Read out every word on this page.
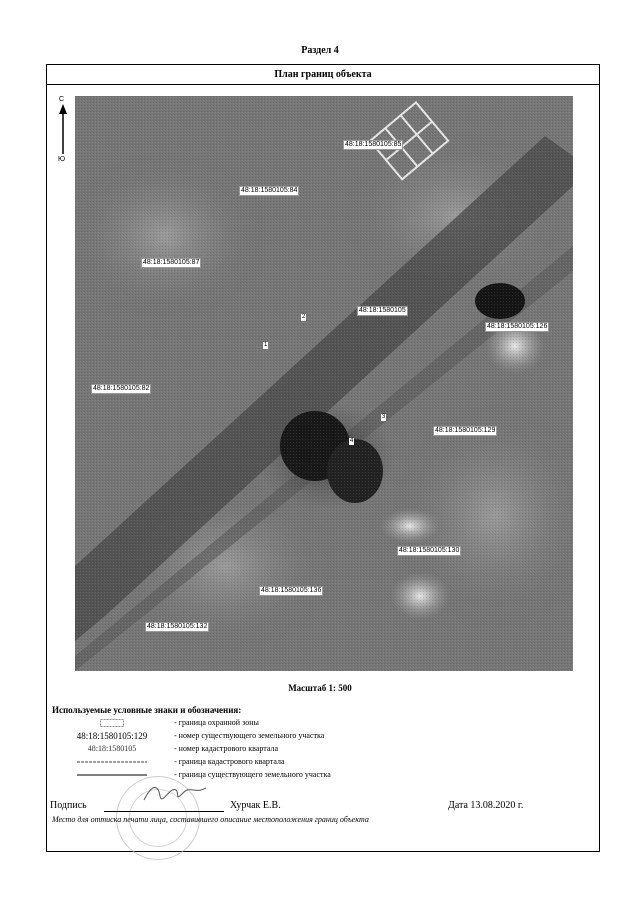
Раздел 4
План границ объекта
С
Ю
48:18:1580105:85
48:18:1580105:84
48:18:1580105:87
48:18:1580105
48:18:1580105:126
48:18:1580105:82
48:18:1580105:129
48:18:1580105:130
48:18:1580105:136
48:18:1580105:132
2
1
3
4
Масштаб 1: 500
Используемые условные знаки и обозначения:
- граница охранной зоны
48:18:1580105:129	- номер существующего земельного участка
48:18:1580105	- номер кадастрового квартала
- граница кадастрового квартала
- граница существующего земельного участка
Подпись	Хурчак Е.В.	Дата 13.08.2020 г.
Место для оттиска печати лица, составившего описание местоположения границ объекта
